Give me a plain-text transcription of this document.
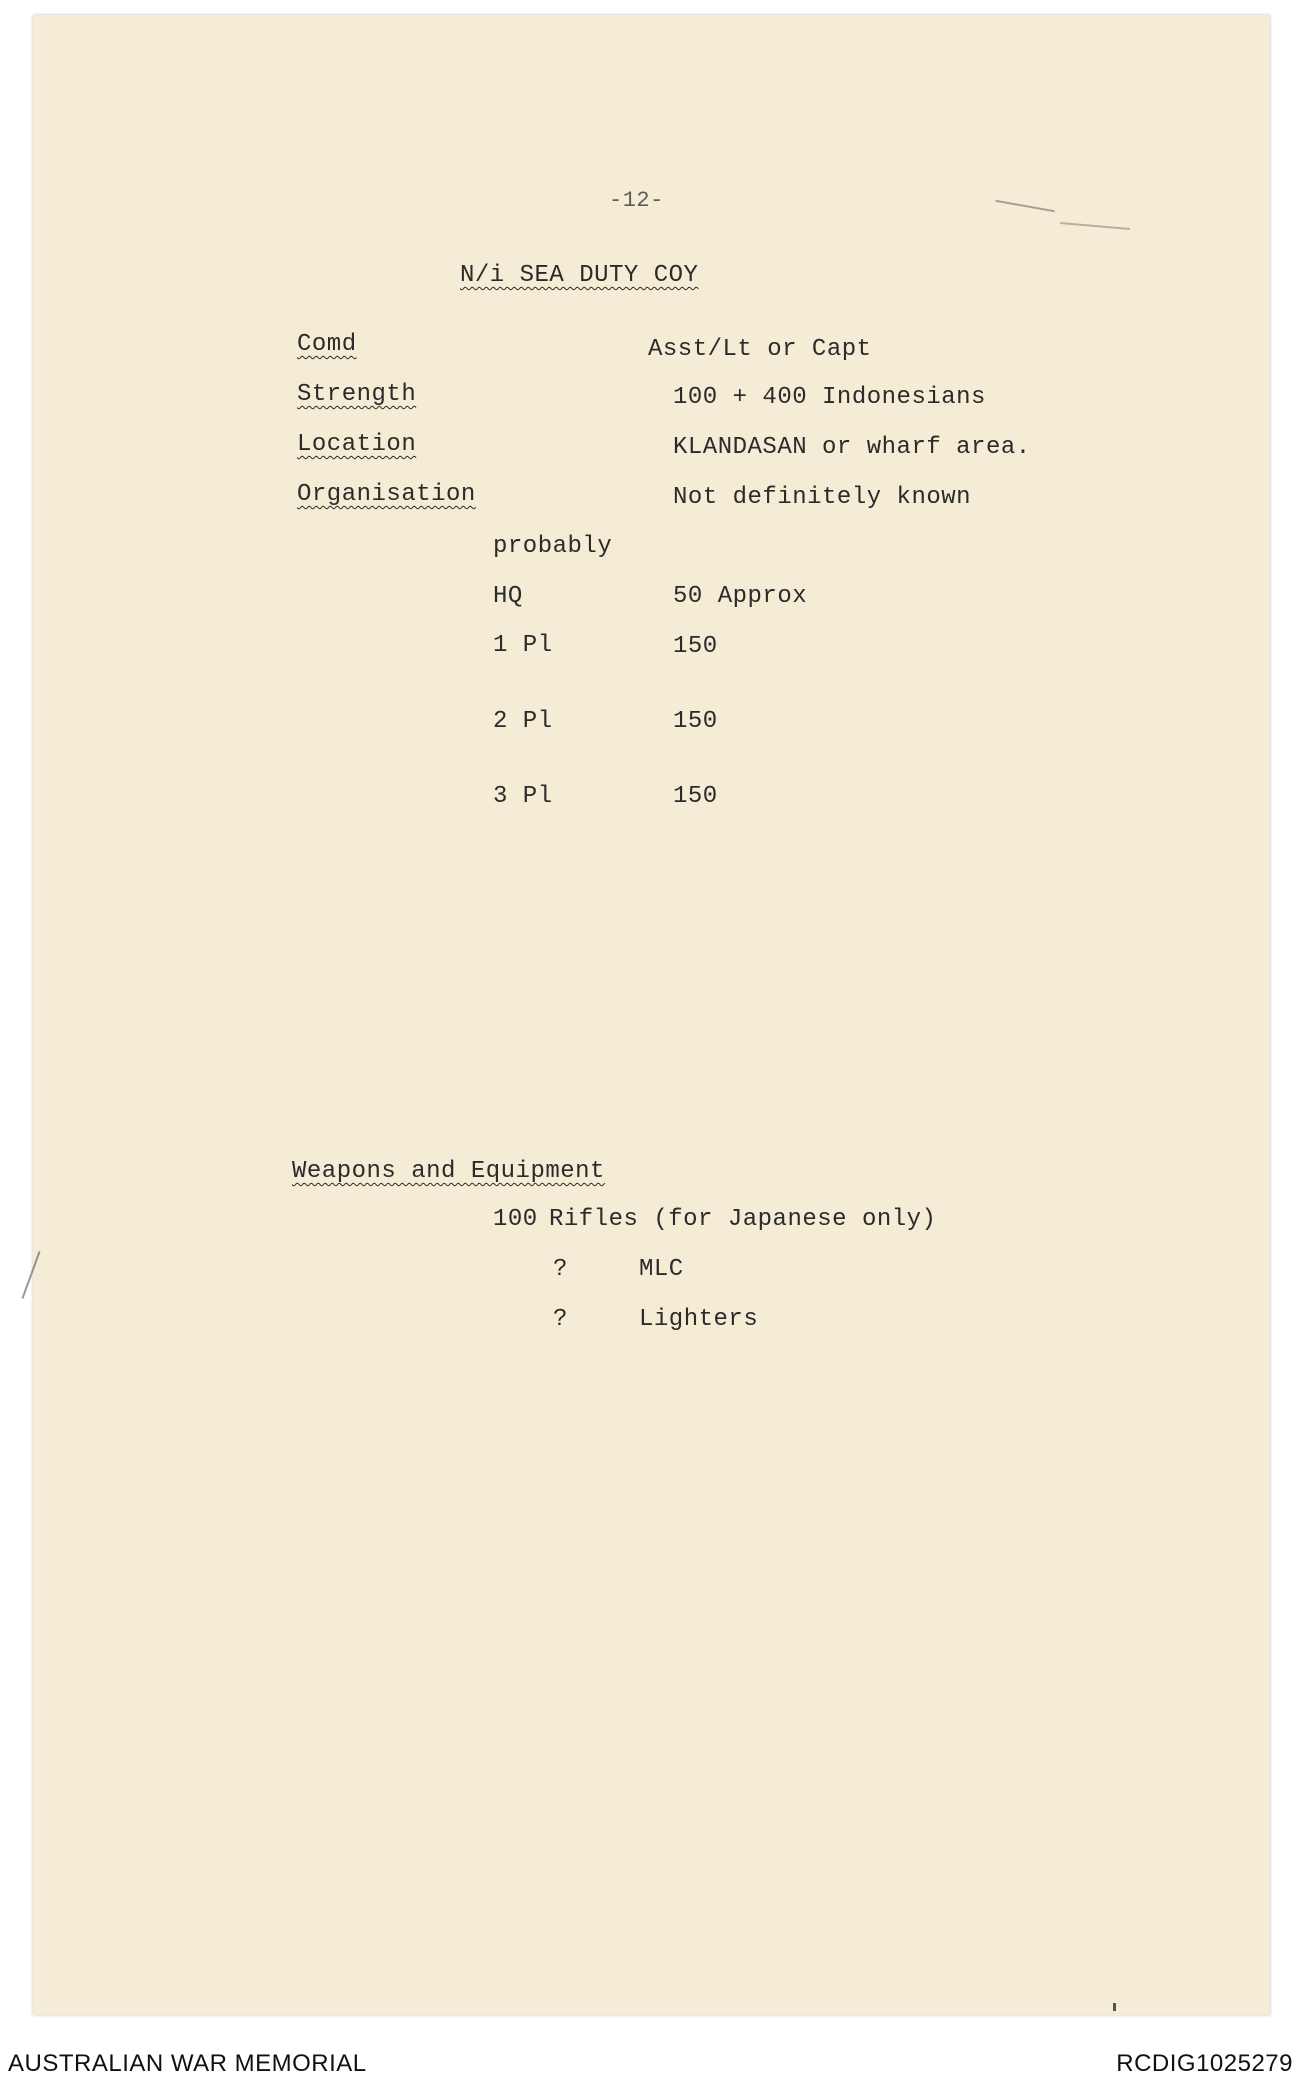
-12-
N/i SEA DUTY COY
Comd	Asst/Lt or Capt
Strength	100 + 400 Indonesians
Location	KLANDASAN or wharf area.
Organisation	Not definitely known
probably
HQ	50 Approx
1 Pl	150
2 Pl	150
3 Pl	150
Weapons and Equipment
100 Rifles (for Japanese only)
?	MLC
?	Lighters
AUSTRALIAN WAR MEMORIAL	RCDIG1025279
